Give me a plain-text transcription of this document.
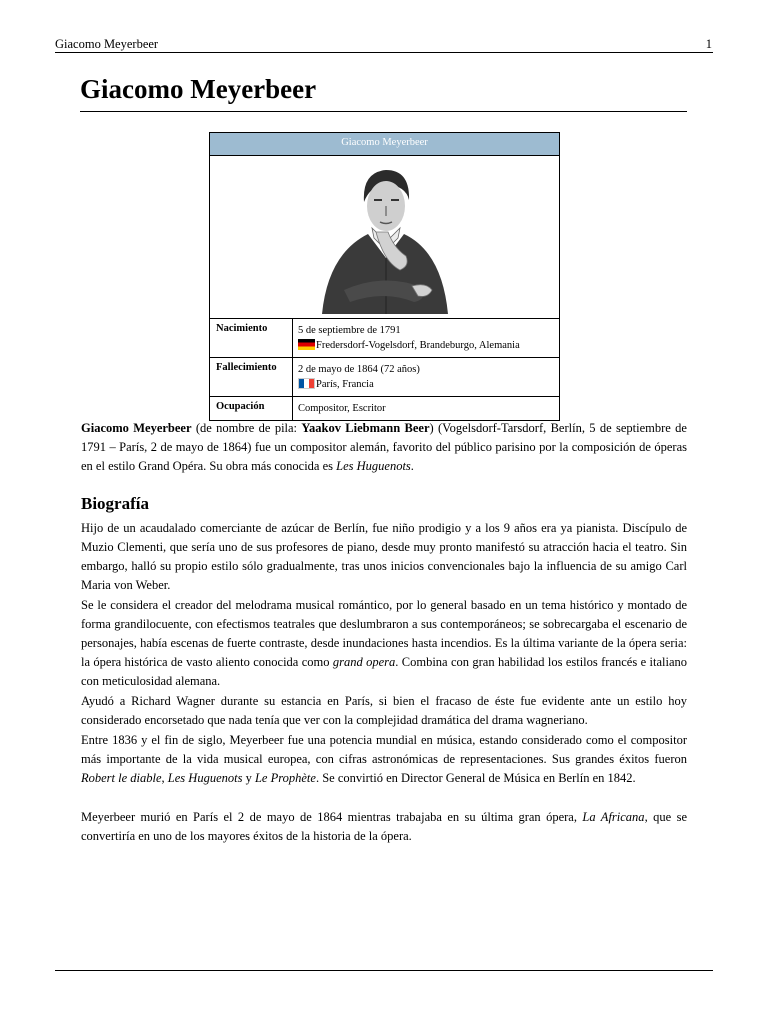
Giacomo Meyerbeer	1
Giacomo Meyerbeer
Giacomo Meyerbeer
Nacimiento	5 de septiembre de 1791
Fredersdorf-Vogelsdorf, Brandeburgo, Alemania
Fallecimiento	2 de mayo de 1864 (72 años)
París, Francia
Ocupación	Compositor, Escritor

Giacomo Meyerbeer (de nombre de pila: Yaakov Liebmann Beer) (Vogelsdorf-Tarsdorf, Berlín, 5 de septiembre de 1791 – París, 2 de mayo de 1864) fue un compositor alemán, favorito del público parisino por la composición de óperas en el estilo Grand Opéra. Su obra más conocida es Les Huguenots.

Biografía

Hijo de un acaudalado comerciante de azúcar de Berlín, fue niño prodigio y a los 9 años era ya pianista. Discípulo de Muzio Clementi, que sería uno de sus profesores de piano, desde muy pronto manifestó su atracción hacia el teatro. Sin embargo, halló su propio estilo sólo gradualmente, tras unos inicios convencionales bajo la influencia de su amigo Carl Maria von Weber.

Se le considera el creador del melodrama musical romántico, por lo general basado en un tema histórico y montado de forma grandilocuente, con efectismos teatrales que deslumbraron a sus contemporáneos; se sobrecargaba el escenario de personajes, había escenas de fuerte contraste, desde inundaciones hasta incendios. Es la última variante de la ópera seria: la ópera histórica de vasto aliento conocida como grand opera. Combina con gran habilidad los estilos francés e italiano con meticulosidad alemana.

Ayudó a Richard Wagner durante su estancia en París, si bien el fracaso de éste fue evidente ante un estilo hoy considerado encorsetado que nada tenía que ver con la complejidad dramática del drama wagneriano.

Entre 1836 y el fin de siglo, Meyerbeer fue una potencia mundial en música, estando considerado como el compositor más importante de la vida musical europea, con cifras astronómicas de representaciones. Sus grandes éxitos fueron Robert le diable, Les Huguenots y Le Prophète. Se convirtió en Director General de Música en Berlín en 1842.

Meyerbeer murió en París el 2 de mayo de 1864 mientras trabajaba en su última gran ópera, La Africana, que se convertiría en uno de los mayores éxitos de la historia de la ópera.
